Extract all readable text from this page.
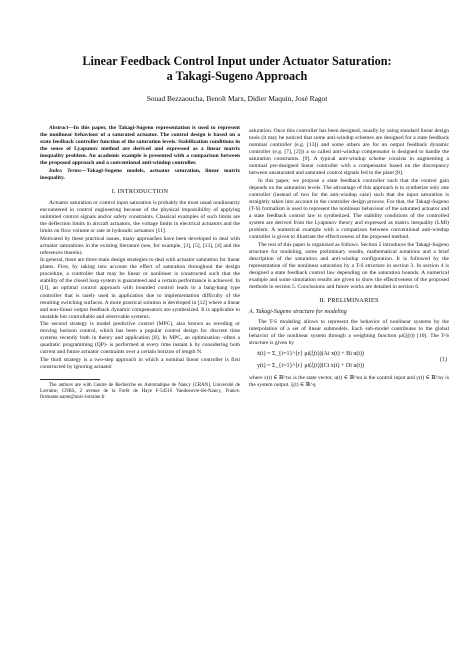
Linear Feedback Control Input under Actuator Saturation:
a Takagi-Sugeno Approach
Souad Bezzaoucha, Benoît Marx, Didier Maquin, José Ragot

Abstract—In this paper, the Takagi-Sugeno representation is used to represent the nonlinear behaviour of a saturated actuator. The control design is based on a state feedback controller function of the saturation levels. Stabilization conditions in the sense of Lyapunov method are derived and expressed as a linear matrix inequality problem. An academic example is presented with a comparison between the proposed approach and a conventional anti-windup controller.

Index Terms—Takagi-Sugeno models, actuator saturation, linear matrix inequality.

I. INTRODUCTION

Actuator saturation or control input saturation is probably the most usual nonlinearity encountered in control engineering because of the physical impossibility of applying unlimited control signals and/or safety constraints. Classical examples of such limits are the deflection limits in aircraft actuators, the voltage limits in electrical actuators and the limits on flow volume or rate in hydraulic actuators [11].

Motivated by these practical issues, many approaches have been developed to deal with actuator saturations in the existing literature (see, for example, [3], [5], [13], [4] and the references therein).

In general, there are three main design strategies to deal with actuator saturation for linear plants. First, by taking into account the effect of saturation throughout the design procedure, a controller that may be linear or nonlinear is constructed such that the stability of the closed loop system is guaranteed and a certain performance is achieved. In ([1], an optimal control approach with bounded control leads to a bang-bang type controller that is rarely used in application due to implementation difficulty of the resulting switching surfaces. A more practical solution is developed in [12] where a linear and non-linear output feedback dynamic compensators are synthesized. It is applicable to unstable but controllable and observable systems.

The second strategy is model predictive control (MPC), also known as receding or moving horizon control, which has been a popular control design for discrete time systems recently both in theory and application [8]. In MPC, an optimisation -often a quadratic programming (QP)- is performed at every time instant k by considering both current and future actuator constraints over a certain horizon of length N.

The third strategy is a two-step approach in which a nominal linear controller is first constructed by ignoring actuator

The authors are with Centre de Recherche en Automatique de Nancy (CRAN), Université de Lorraine, CNRS, 2 avenue de la Forêt de Haye F-54516 Vandoeuvre-lès-Nancy, France. firstname.name@univ-lorraine.fr

saturation. Once this controller has been designed, usually by using standard linear design tools (it may be noticed that some anti-windup schemes are designed for a state feedback nominal controller (e.g. [13]) and some others are for an output feedback dynamic controller (e.g. [7], [2])) a so called anti-windup compensator is designed to handle the saturation constraints. [9]. A typical anti-windup scheme consists in augmenting a nominal pre-designed linear controller with a compensator based on the discrepancy between unsaturated and saturated control signals fed to the plant [8].

In this paper, we propose a state feedback controller such that the control gain depends on the saturation levels. The advantage of this approach is to synthetize only one controller (instead of two for the anti-windup case) such that the input saturation is straightly taken into account in the controller design process. For that, the Takagi-Sugeno (T-S) formalism is used to represent the nonlinear behaviour of the saturated actuator and a state feedback control law is synthetized. The stability conditions of the controlled system are derived from the Lyapunov theory and expressed as matrix inequality (LMI) problem. A numerical example with a comparison between conventional anti-windup controller is given to illustrate the effectiveness of the proposed method.

The rest of this paper is organized as follows. Section 2 introduces the Takagi-Sugeno structure for modeling, some preliminary results, mathematical notations and a brief description of the saturation and anti-windup configuration. It is followed by the representation of the nonlinear saturation by a T-S structure in section 3. In section 4 is designed a state feedback control law depending on the saturation bounds. A numerical example and some simulation results are given to show the effectiveness of the proposed methods in section 5. Conclusions and future works are detailed in section 6.

II. PRELIMINARIES
A. Takagi-Sugeno structure for modeling

The T-S modeling allows to represent the behavior of nonlinear systems by the interpolation of a set of linear submodels. Each sub-model contributes to the global behavior of the nonlinear system through a weighting function μi(ξ(t)) [10]. The T-S structure is given by

ẋ(t) = Σ_{i=1}^{r} μi(ξ(t))(Ai x(t) + Bi u(t))
y(t) = Σ_{i=1}^{r} μi(ξ(t))(Ci x(t) + Di u(t))
(1)

where x(t) ∈ ℝ^nx is the state vector, u(t) ∈ ℝ^nu is the control input and y(t) ∈ ℝ^ny is the system output. ξ(t) ∈ ℝ^q
